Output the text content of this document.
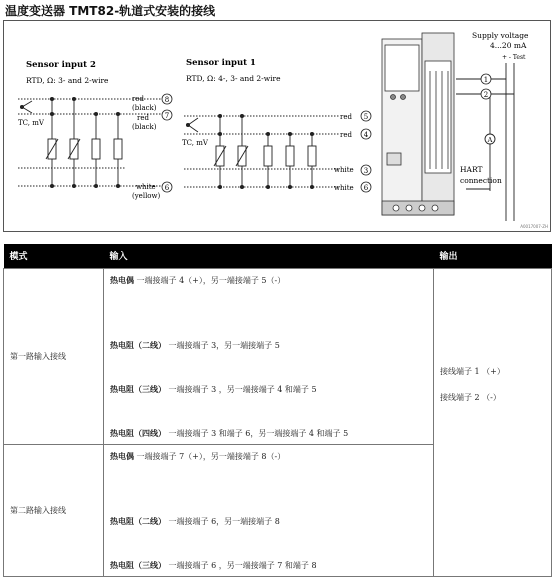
温度变送器 TMT82-轨道式安装的接线
Sensor input 2
RTD, Ω: 3- and 2-wire
TC, mV
red
(black)
red
(black)
white
(yellow)
8
7
6
Sensor input 1
RTD, Ω: 4-, 3- and 2-wire
TC, mV
red
red
white
white
5
4
3
6
Supply voltage
4...20 mA
+ - Test
1
2
A
HART
connection
A0017007-ZH
模式	输入	输出
第一路输入接线	热电偶 一端接端子 4（+），另一端接端子 5（-）	接线端子 1 （+）
接线端子 2 （-）

	热电阻（二线） 一端接端子 3，另一端接端子 5	

	热电阻（三线） 一端接端子 3 ，另一端接端子 4 和端子 5	

	热电阻（四线） 一端接端子 3 和端子 6，另一端接端子 4 和端子 5	

第二路输入接线	热电偶 一端接端子 7（+），另一端接端子 8（-）	

	热电阻（二线） 一端接端子 6，另一端接端子 8	

	热电阻（三线） 一端接端子 6 ，另一端接端子 7 和端子 8	
